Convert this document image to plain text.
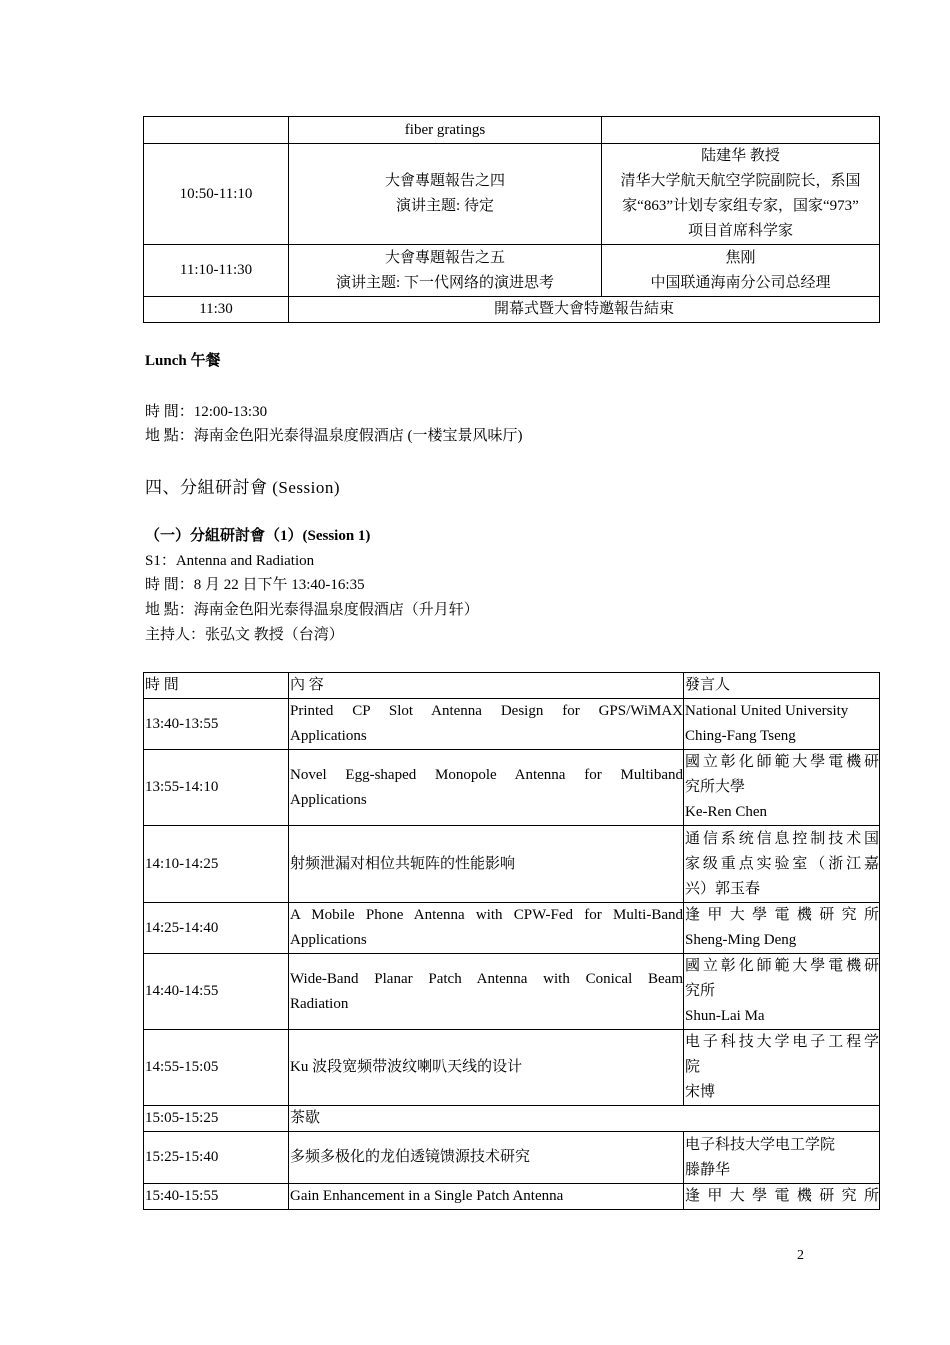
	fiber gratings	

10:50-11:10	大會專題報告之四
演讲主题: 待定	陆建华 教授
清华大学航天航空学院副院长，系国
家“863”计划专家组专家，国家“973”
项目首席科学家

11:10-11:30	大會專題報告之五
演讲主题: 下一代网络的演进思考	焦刚
中国联通海南分公司总经理

11:30	開幕式暨大會特邀報告結束	
Lunch 午餐
時 間：12:00-13:30
地 點：海南金色阳光泰得温泉度假酒店 (一楼宝景风味厅)
四、分組研討會 (Session)
（一）分組研討會（1）(Session 1)
S1：Antenna and Radiation
時 間：8 月 22 日下午 13:40-16:35
地 點：海南金色阳光泰得温泉度假酒店（升月轩）
主持人：张弘文 教授（台湾）
時 間	內 容	發言人
13:40-13:55	Printed CP Slot Antenna Design for GPS/WiMAX
Applications	National United University
Ching-Fang Tseng

13:55-14:10	Novel Egg-shaped Monopole Antenna for Multiband
Applications	國立彰化師範大學電機研
究所大學
Ke-Ren Chen

14:10-14:25	射频泄漏对相位共轭阵的性能影响	通信系统信息控制技术国
家级重点实验室（浙江嘉
兴）郭玉春

14:25-14:40	A Mobile Phone Antenna with CPW-Fed for Multi-Band
Applications	逢 甲 大 學 電 機 研 究 所
Sheng-Ming Deng

14:40-14:55	Wide-Band Planar Patch Antenna with Conical Beam
Radiation	國立彰化師範大學電機研
究所
Shun-Lai Ma

14:55-15:05	Ku 波段宽频带波纹喇叭天线的设计	电子科技大学电子工程学
院
宋博

15:05-15:25	茶歇	
15:25-15:40	多频多极化的龙伯透镜馈源技术研究	电子科技大学电工学院
滕静华

15:40-15:55	Gain Enhancement in a Single Patch Antenna	逢 甲 大 學 電 機 研 究 所
2
